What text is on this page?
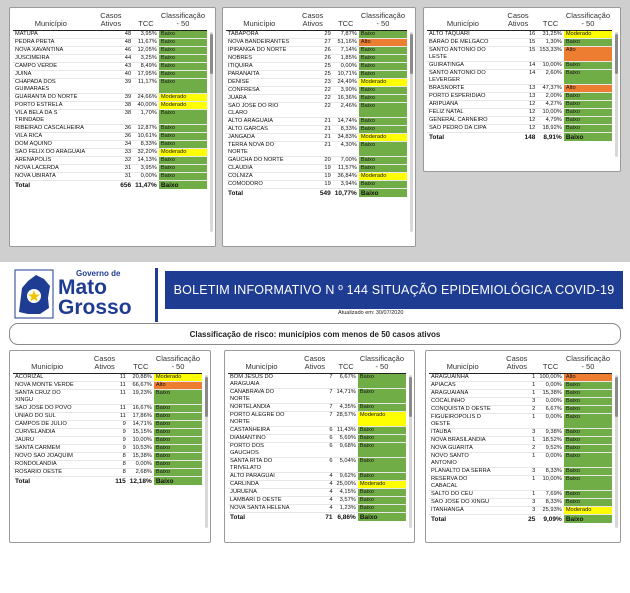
Município	Casos Ativos	TCC	Classificação - 50
MATUPA	48	3,95%	Baixo
PEDRA PRETA	48	11,67%	Baixo
NOVA XAVANTINA	46	12,05%	Baixo
JUSCIMEIRA	44	3,25%	Baixo
CAMPO VERDE	43	8,49%	Baixo
JUINA	40	17,95%	Baixo
CHAPADA DOS GUIMARAES	39	11,17%	Baixo
GUARANTA DO NORTE	39	24,66%	Moderado
PORTO ESTRELA	38	40,00%	Moderado
VILA BELA DA S TRINDADE	38	1,70%	Baixo
RIBEIRAO CASCALHEIRA	36	12,87%	Baixo
VILA RICA	36	10,61%	Baixo
DOM AQUINO	34	8,33%	Baixo
SAO FELIX DO ARAGUAIA	33	32,20%	Moderado
ARENAPOLIS	32	14,13%	Baixo
NOVA LACERDA	31	3,95%	Baixo
NOVA UBIRATA	31	0,00%	Baixo
Total	656	11,47%	Baixo
Município	Casos Ativos	TCC	Classificação - 50
TABAPORA	29	7,87%	Baixo
NOVA BANDEIRANTES	27	51,16%	Alto
IPIRANGA DO NORTE	26	7,14%	Baixo
NOBRES	26	1,85%	Baixo
ITIQUIRA	25	0,00%	Baixo
PARANAITA	25	10,71%	Baixo
DENISE	23	24,49%	Moderado
CONFRESA	22	3,90%	Baixo
JUARA	22	16,36%	Baixo
SAO JOSE DO RIO CLARO	22	2,46%	Baixo
ALTO ARAGUAIA	21	14,74%	Baixo
ALTO GARCAS	21	8,33%	Baixo
JANGADA	21	34,83%	Moderado
TERRA NOVA DO NORTE	21	4,30%	Baixo
GAUCHA DO NORTE	20	7,00%	Baixo
CLAUDIA	19	11,57%	Baixo
COLNIZA	19	36,84%	Moderado
COMODORO	19	3,94%	Baixo
Total	549	10,77%	Baixo
Município	Casos Ativos	TCC	Classificação - 50
ALTO TAQUARI	16	31,25%	Moderado
BARAO DE MELGACO	15	1,30%	Baixo
SANTO ANTONIO DO LESTE	15	153,33%	Alto
GUIRATINGA	14	10,00%	Baixo
SANTO ANTONIO DO LEVERGER	14	2,60%	Baixo
BRASNORTE	13	47,37%	Alto
PORTO ESPERIDIAO	13	2,00%	Baixo
ARIPUANA	12	4,27%	Baixo
FELIZ NATAL	12	10,00%	Baixo
GENERAL CARNEIRO	12	4,79%	Baixo
SAO PEDRO DA CIPA	12	18,92%	Baixo
Total	148	8,91%	Baixo
Governo de
Mato
Grosso
BOLETIM INFORMATIVO N º 144 SITUAÇÃO EPIDEMIOLÓGICA COVID-19
Atualizado em: 30/07/2020
Classificação de risco: municípios com menos de 50 casos ativos
Município	Casos Ativos	TCC	Classificação - 50
ACORIZAL	11	20,88%	Moderado
NOVA MONTE VERDE	11	66,67%	Alto
SANTA CRUZ DO XINGU	11	19,23%	Baixo
SAO JOSE DO POVO	11	16,67%	Baixo
UNIAO DO SUL	11	17,86%	Baixo
CAMPOS DE JULIO	9	14,71%	Baixo
CURVELANDIA	9	15,15%	Baixo
JAURU	9	10,00%	Baixo
SANTA CARMEM	9	10,53%	Baixo
NOVO SAO JOAQUIM	8	15,38%	Baixo
RONDOLANDIA	8	0,00%	Baixo
ROSARIO OESTE	8	2,68%	Baixo
Total	115	12,18%	Baixo
Município	Casos Ativos	TCC	Classificação - 50
BOM JESUS DO ARAGUAIA	7	6,67%	Baixo
CANABRAVA DO NORTE	7	14,71%	Baixo
NORTELANDIA	7	4,35%	Baixo
PORTO ALEGRE DO NORTE	7	28,57%	Moderado
CASTANHEIRA	6	11,43%	Baixo
DIAMANTINO	6	5,69%	Baixo
PORTO DOS GAUCHOS	6	9,68%	Baixo
SANTA RITA DO TRIVELATO	6	5,04%	Baixo
ALTO PARAGUAI	4	9,62%	Baixo
CARLINDA	4	25,00%	Moderado
JURUENA	4	4,15%	Baixo
LAMBARI D OESTE	4	3,57%	Baixo
NOVA SANTA HELENA	4	1,23%	Baixo
Total	71	6,86%	Baixo
Município	Casos Ativos	TCC	Classificação - 50
ARAGUAINHA	1	100,00%	Alto
APIACAS	1	0,00%	Baixo
ARAGUAIANA	1	15,38%	Baixo
COCALINHO	3	0,00%	Baixo
CONQUISTA D OESTE	2	6,67%	Baixo
FIGUEIROPOLIS D OESTE	1	0,00%	Baixo
ITAUBA	3	9,38%	Baixo
NOVA BRASILANDIA	1	18,52%	Baixo
NOVA GUARITA	2	9,52%	Baixo
NOVO SANTO ANTONIO	1	0,00%	Baixo
PLANALTO DA SERRA	3	8,33%	Baixo
RESERVA DO CABACAL	1	10,00%	Baixo
SALTO DO CEU	1	7,69%	Baixo
SAO JOSE DO XINGU	3	8,33%	Baixo
ITANHANGA	3	25,93%	Moderado
Total	25	9,09%	Baixo
